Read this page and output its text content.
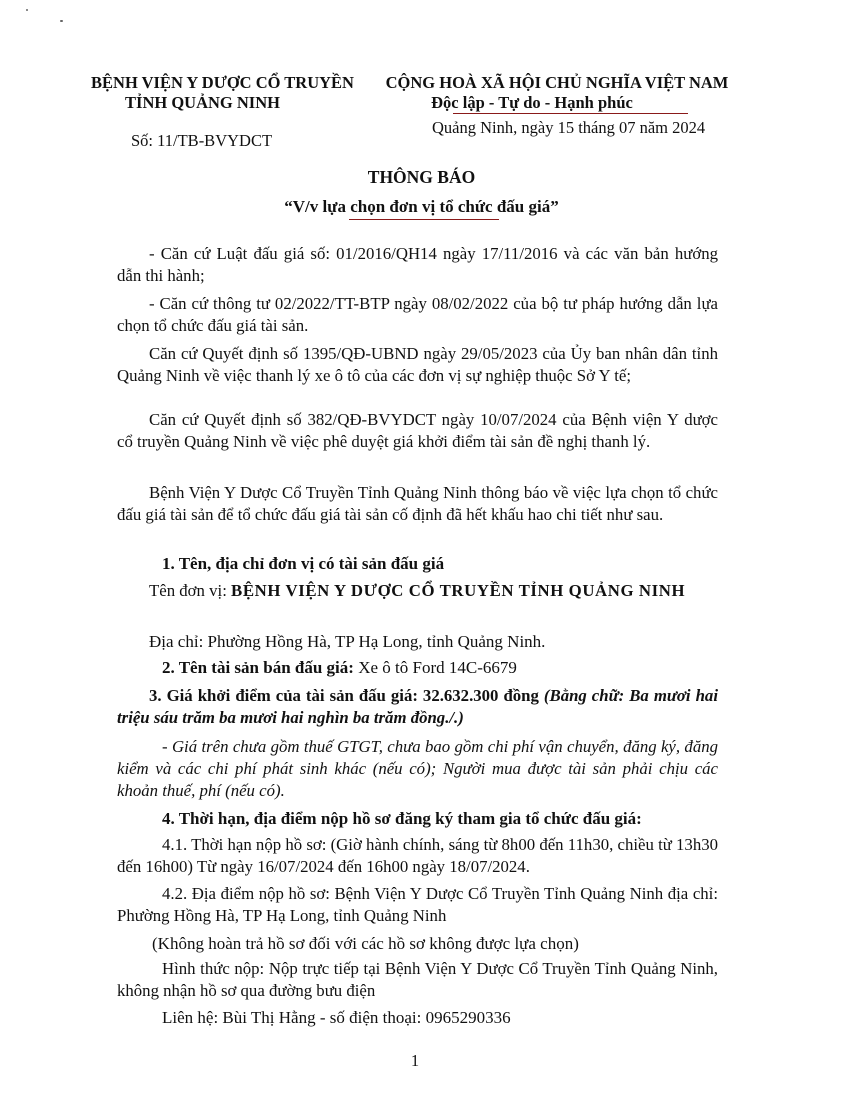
BỆNH VIỆN Y DƯỢC CỔ TRUYỀN
TỈNH QUẢNG NINH
Số: 11/TB-BVYDCT
CỘNG HOÀ XÃ HỘI CHỦ NGHĨA VIỆT NAM
Độc lập - Tự do - Hạnh phúc
Quảng Ninh, ngày 15 tháng 07 năm 2024
THÔNG BÁO
“V/v lựa chọn đơn vị tổ chức đấu giá”
- Căn cứ Luật đấu giá số: 01/2016/QH14 ngày 17/11/2016 và các văn bản hướng dẫn thi hành;
- Căn cứ thông tư 02/2022/TT-BTP ngày 08/02/2022 của bộ tư pháp hướng dẫn lựa chọn tổ chức đấu giá tài sản.
Căn cứ Quyết định số 1395/QĐ-UBND ngày 29/05/2023 của Ủy ban nhân dân tỉnh Quảng Ninh về việc thanh lý xe ô tô của các đơn vị sự nghiệp thuộc Sở Y tế;
Căn cứ Quyết định số 382/QĐ-BVYDCT ngày 10/07/2024 của Bệnh viện Y dược cổ truyền Quảng Ninh về việc phê duyệt giá khởi điểm tài sản đề nghị thanh lý.
Bệnh Viện Y Dược Cổ Truyền Tỉnh Quảng Ninh thông báo về việc lựa chọn tổ chức đấu giá tài sản để tổ chức đấu giá tài sản cố định đã hết khấu hao chi tiết như sau.
1. Tên, địa chỉ đơn vị có tài sản đấu giá
Tên đơn vị: BỆNH VIỆN Y DƯỢC CỔ TRUYỀN TỈNH QUẢNG NINH
Địa chỉ: Phường Hồng Hà, TP Hạ Long, tỉnh Quảng Ninh.
2. Tên tài sản bán đấu giá: Xe ô tô Ford 14C-6679
3. Giá khởi điểm của tài sản đấu giá: 32.632.300 đồng (Bằng chữ: Ba mươi hai triệu sáu trăm ba mươi hai nghìn ba trăm đồng./.)
- Giá trên chưa gồm thuế GTGT, chưa bao gồm chi phí vận chuyển, đăng ký, đăng kiểm và các chi phí phát sinh khác (nếu có); Người mua được tài sản phải chịu các khoản thuế, phí (nếu có).
4. Thời hạn, địa điểm nộp hồ sơ đăng ký tham gia tổ chức đấu giá:
4.1. Thời hạn nộp hồ sơ: (Giờ hành chính, sáng từ 8h00 đến 11h30, chiều từ 13h30 đến 16h00) Từ ngày 16/07/2024 đến 16h00 ngày 18/07/2024.
4.2. Địa điểm nộp hồ sơ: Bệnh Viện Y Dược Cổ Truyền Tỉnh Quảng Ninh địa chỉ: Phường Hồng Hà, TP Hạ Long, tỉnh Quảng Ninh
(Không hoàn trả hồ sơ đối với các hồ sơ không được lựa chọn)
Hình thức nộp: Nộp trực tiếp tại Bệnh Viện Y Dược Cổ Truyền Tỉnh Quảng Ninh, không nhận hồ sơ qua đường bưu điện
Liên hệ: Bùi Thị Hằng - số điện thoại: 0965290336
1
